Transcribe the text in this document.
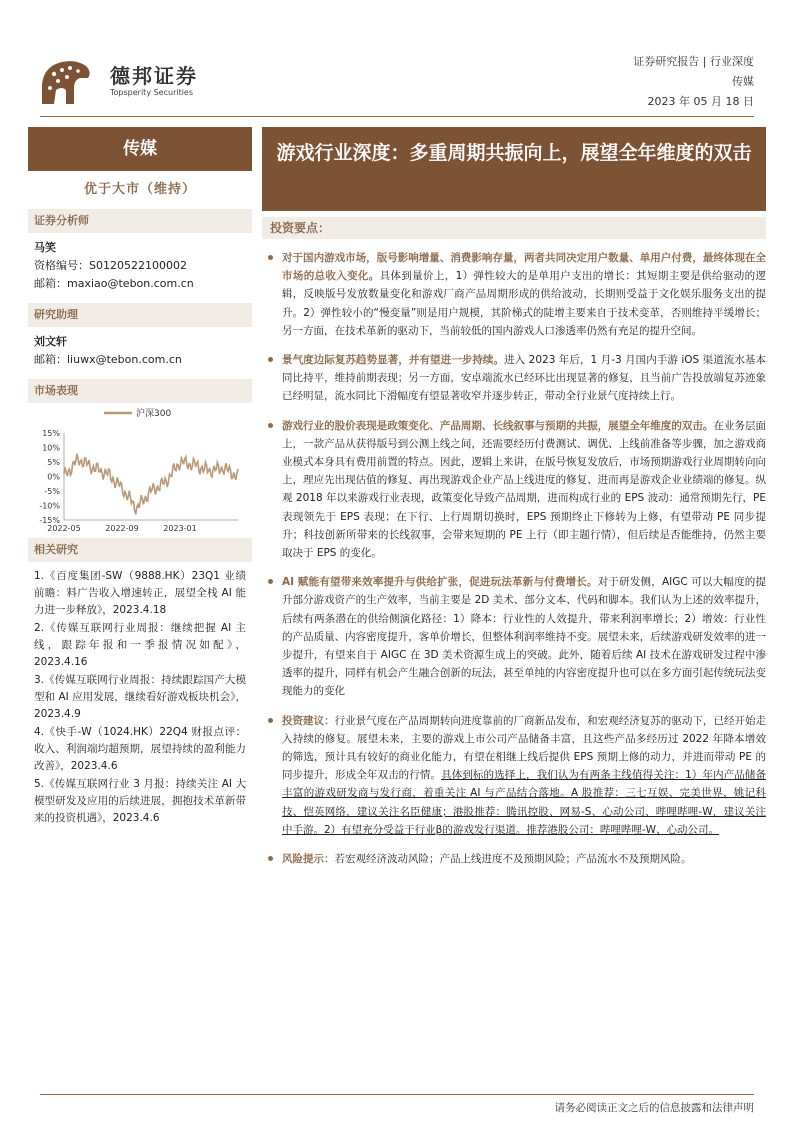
德邦证券
Topsperity Securities
证券研究报告 | 行业深度
传媒
2023 年 05 月 18 日
传媒
优于大市（维持）
证券分析师
马笑
资格编号：S0120522100002
邮箱：maxiao@tebon.com.cn
研究助理
刘文轩
邮箱：liuwx@tebon.com.cn
市场表现
15%
10%
5%
0%
-5%
-10%
-15%
2022-05	2022-09	2023-01
沪深300
相关研究
1.《百度集团-SW（9888.HK）23Q1 业绩前瞻：料广告收入增速转正，展望全栈 AI 能力进一步释放》，2023.4.18
2.《传媒互联网行业周报：继续把握 AI 主线，跟踪年报和一季报情况如配》，2023.4.16
3.《传媒互联网行业周报：持续跟踪国产大模型和 AI 应用发展，继续看好游戏板块机会》，2023.4.9
4.《快手-W（1024.HK）22Q4 财报点评：收入、利润端均超预期，展望持续的盈利能力改善》，2023.4.6
5.《传媒互联网行业 3 月报：持续关注 AI 大模型研发及应用的后续进展，拥抱技术革新带来的投资机遇》，2023.4.6
游戏行业深度：多重周期共振向上，展望全年维度的双击
投资要点：
对于国内游戏市场，版号影响增量、消费影响存量，两者共同决定用户数量、单用户付费，最终体现在全市场的总收入变化。具体到量价上，1）弹性较大的是单用户支出的增长：其短期主要是供给驱动的逻辑，反映版号发放数量变化和游戏厂商产品周期形成的供给波动，长期则受益于文化娱乐服务支出的提升。2）弹性较小的“慢变量”则是用户规模，其阶梯式的陡增主要来自于技术变革，否则维持平缓增长；另一方面，在技术革新的驱动下，当前较低的国内游戏人口渗透率仍然有充足的提升空间。
景气度边际复苏趋势显著，并有望进一步持续。进入 2023 年后，1 月-3 月国内手游 iOS 渠道流水基本同比持平，维持前期表现；另一方面，安卓端流水已经环比出现显著的修复，且当前广告投放端复苏迹象已经明显，流水同比下滑幅度有望显著收窄并逐步转正，带动全行业景气度持续上行。
游戏行业的股价表现是政策变化、产品周期、长线叙事与预期的共振，展望全年维度的双击。在业务层面上，一款产品从获得版号到公测上线之间，还需要经历付费测试、调优、上线前准备等步骤，加之游戏商业模式本身具有费用前置的特点。因此，逻辑上来讲，在版号恢复发放后，市场预期游戏行业周期转向向上，理应先出现估值的修复、再出现游戏企业产品上线进度的修复、进而再是游戏企业业绩端的修复。纵观 2018 年以来游戏行业表现，政策变化导致产品周期，进而构成行业的 EPS 波动：通常预期先行，PE 表现领先于 EPS 表现；在下行、上行周期切换时，EPS 预期终止下修转为上修，有望带动 PE 同步提升；科技创新所带来的长线叙事，会带来短期的 PE 上行（即主题行情），但后续是否能维持，仍然主要取决于 EPS 的变化。
AI 赋能有望带来效率提升与供给扩张，促进玩法革新与付费增长。对于研发侧，AIGC 可以大幅度的提升部分游戏资产的生产效率，当前主要是 2D 美术、部分文本、代码和脚本。我们认为上述的效率提升，后续有两条潜在的供给侧演化路径：1）降本：行业性的人效提升，带来利润率增长；2）增效：行业性的产品质量、内容密度提升，客单价增长，但整体利润率维持不变。展望未来，后续游戏研发效率的进一步提升，有望来自于 AIGC 在 3D 美术资源生成上的突破。此外，随着后续 AI 技术在游戏研发过程中渗透率的提升，同样有机会产生融合创新的玩法，甚至单纯的内容密度提升也可以在多方面引起传统玩法变现能力的变化
投资建议：行业景气度在产品周期转向进度靠前的厂商新品发布，和宏观经济复苏的驱动下，已经开始走入持续的修复。展望未来，主要的游戏上市公司产品储备丰富，且这些产品多经历过 2022 年降本增效的筛选，预计具有较好的商业化能力，有望在相继上线后提供 EPS 预期上修的动力，并进而带动 PE 的同步提升，形成全年双击的行情。具体到标的选择上，我们认为有两条主线值得关注：1）年内产品储备丰富的游戏研发商与发行商，着重关注 AI 与产品结合落地。A 股推荐：三七互娱、完美世界、姚记科技、恺英网络，建议关注名臣健康；港股推荐：腾讯控股、网易-S、心动公司、哔哩哔哩-W，建议关注中手游。2）有望充分受益于行业β的游戏发行渠道。推荐港股公司：哔哩哔哩-W、心动公司。
风险提示：若宏观经济波动风险；产品上线进度不及预期风险；产品流水不及预期风险。
请务必阅读正文之后的信息披露和法律声明
